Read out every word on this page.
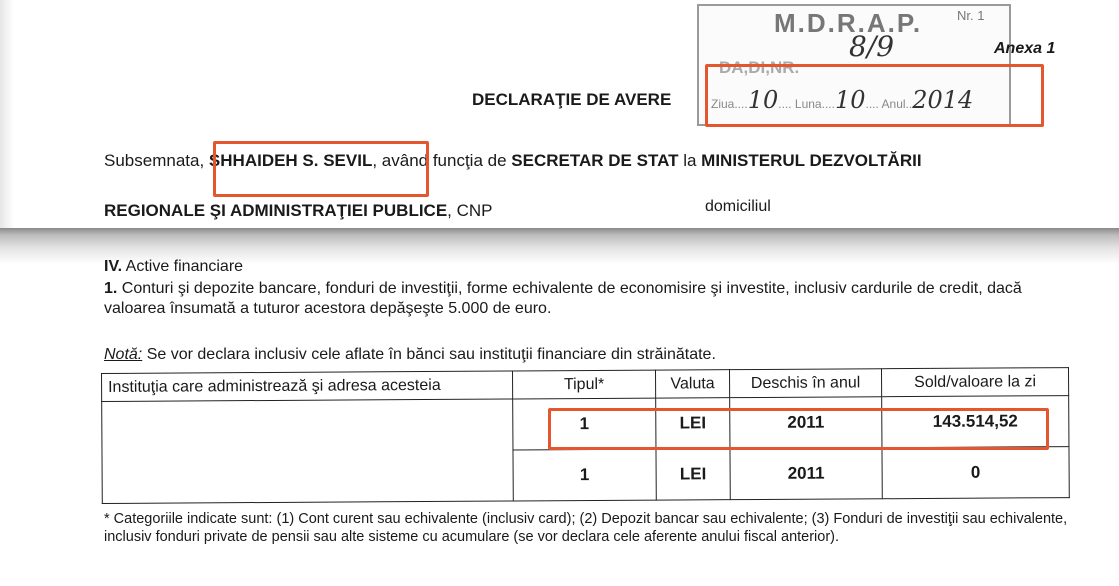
M.D.R.A.P.	Nr. 1
8/9
DA,DI,NR.
Ziua....10.... Luna....10.... Anul..2014
Anexa 1
DECLARAŢIE DE AVERE
Subsemnata, SHHAIDEH S. SEVIL, având funcţia de SECRETAR DE STAT la MINISTERUL DEZVOLTĂRII
REGIONALE ŞI ADMINISTRAŢIEI PUBLICE, CNP	domiciliul
IV. Active financiare
1. Conturi şi depozite bancare, fonduri de investiţii, forme echivalente de economisire şi investite, inclusiv cardurile de credit, dacă valoarea însumată a tuturor acestora depăşeşte 5.000 de euro.
Notă: Se vor declara inclusiv cele aflate în bănci sau instituţii financiare din străinătate.
Instituţia care administrează şi adresa acesteia	Tipul*	Valuta	Deschis în anul	Sold/valoare la zi
	1	LEI	2011	143.514,52
	1	LEI	2011	0
* Categoriile indicate sunt: (1) Cont curent sau echivalente (inclusiv card); (2) Depozit bancar sau echivalente; (3) Fonduri de investiţii sau echivalente, inclusiv fonduri private de pensii sau alte sisteme cu acumulare (se vor declara cele aferente anului fiscal anterior).
